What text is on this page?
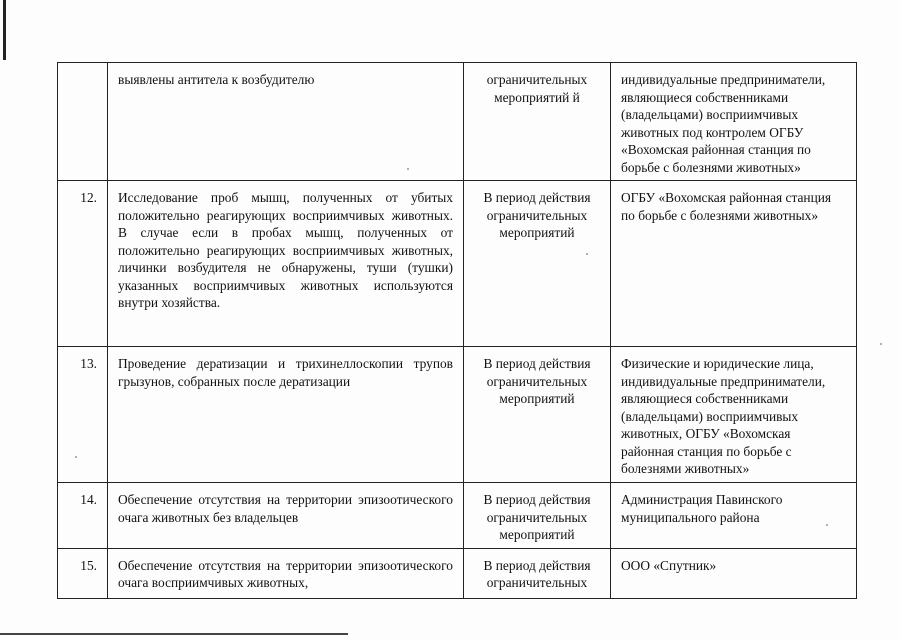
	выявлены антитела к возбудителю	ограничительных мероприятий й	индивидуальные предприниматели, являющиеся собственниками (владельцами) восприимчивых животных под контролем ОГБУ «Вохомская районная станция по борьбе с болезнями животных»
12.	Исследование проб мышц, полученных от убитых положительно реагирующих восприимчивых животных. В случае если в пробах мышц, полученных от положительно реагирующих восприимчивых животных, личинки возбудителя не обнаружены, туши (тушки) указанных восприимчивых животных используются внутри хозяйства.	В период действия ограничительных мероприятий	ОГБУ «Вохомская районная станция по борьбе с болезнями животных»
13.	Проведение дератизации и трихинеллоскопии трупов грызунов, собранных после дератизации	В период действия ограничительных мероприятий	Физические и юридические лица, индивидуальные предприниматели, являющиеся собственниками (владельцами) восприимчивых животных, ОГБУ «Вохомская районная станция по борьбе с болезнями животных»
14.	Обеспечение отсутствия на территории эпизоотического очага животных без владельцев	В период действия ограничительных мероприятий	Администрация Павинского муниципального района
15.	Обеспечение отсутствия на территории эпизоотического очага восприимчивых животных,	В период действия ограничительных	ООО «Спутник»
